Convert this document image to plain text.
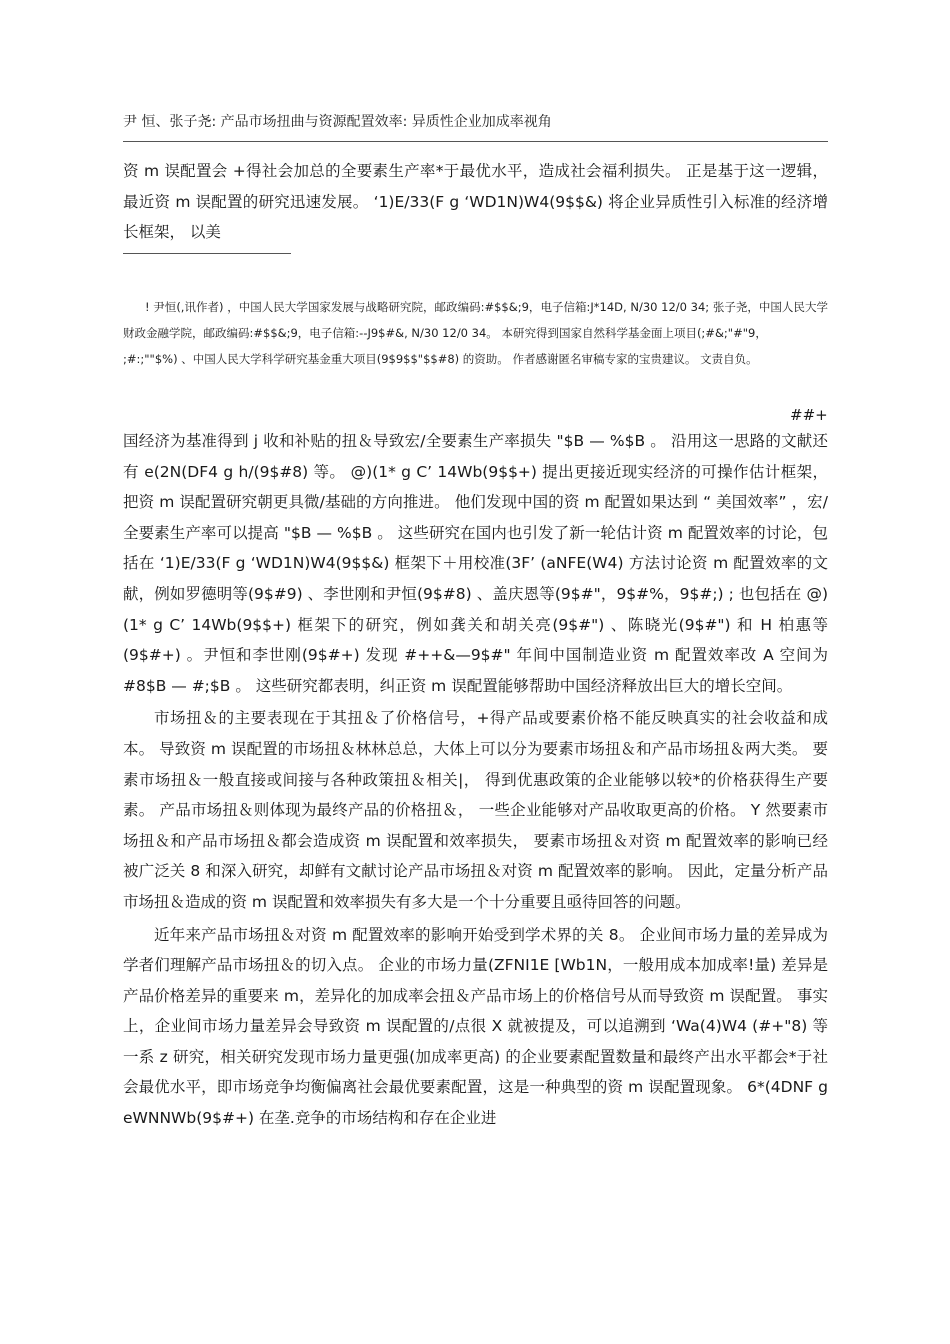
尹 恒、张子尧: 产品市场扭曲与资源配置效率: 异质性企业加成率视角

资 m 误配置会 +得社会加总的全要素生产率*于最优水平，造成社会福利损失。 正是基于这一逻辑，最近资 m 误配置的研究迅速发展。 ‘1)E/33(F g ‘WD1N)W4(9$$&) 将企业异质性引入标准的经济增长框架， 以美

! 尹恒(,讯作者) ，中国人民大学国家发展与战略研究院，邮政编码:#$$&;9，电子信箱:J*14D, N/30 12/0 34; 张子尧，中国人民大学财政金融学院，邮政编码:#$$&;9，电子信箱:--J9$#&, N/30 12/0 34。 本研究得到国家自然科学基金面上项目(;#&;"#"9，
;#:;""$%) 、中国人民大学科学研究基金重大项目(9$9$$"$$#8) 的资助。 作者感谢匿名审稿专家的宝贵建议。 文责自负。
##+

国经济为基准得到 j 收和补贴的扭＆导致宏/全要素生产率损失 "$B — %$B 。 沿用这一思路的文献还有 e(2N(DF4 g h/(9$#8) 等。 @)(1* g C’ 14Wb(9$$+) 提出更接近现实经济的可操作估计框架，把资 m 误配置研究朝更具微/基础的方向推进。 他们发现中国的资 m 配置如果达到 “ 美国效率” ，宏/全要素生产率可以提高 "$B — %$B 。 这些研究在国内也引发了新一轮估计资 m 配置效率的讨论，包括在 ‘1)E/33(F g ‘WD1N)W4(9$$&) 框架下＋用校准(3F’ (aNFE(W4) 方法讨论资 m 配置效率的文献，例如罗德明等(9$#9) 、李世刚和尹恒(9$#8) 、盖庆恩等(9$#"，9$#%，9$#;) ; 也包括在 @)(1* g C’ 14Wb(9$$+) 框架下的研究，例如龚关和胡关亮(9$#") 、陈晓光(9$#") 和 H 柏惠等(9$#+) 。尹恒和李世刚(9$#+) 发现 #++&—9$#" 年间中国制造业资 m 配置效率改 A 空间为 #8$B — #;$B 。 这些研究都表明，纠正资 m 误配置能够帮助中国经济释放出巨大的增长空间。

市场扭＆的主要表现在于其扭＆了价格信号，+得产品或要素价格不能反映真实的社会收益和成本。 导致资 m 误配置的市场扭＆林林总总，大体上可以分为要素市场扭＆和产品市场扭＆两大类。 要素市场扭＆一般直接或间接与各种政策扭＆相关|， 得到优惠政策的企业能够以较*的价格获得生产要素。 产品市场扭＆则体现为最终产品的价格扭＆， 一些企业能够对产品收取更高的价格。 Y 然要素市场扭＆和产品市场扭＆都会造成资 m 误配置和效率损失， 要素市场扭＆对资 m 配置效率的影响已经被广泛关 8 和深入研究，却鲜有文献讨论产品市场扭＆对资 m 配置效率的影响。 因此，定量分析产品市场扭＆造成的资 m 误配置和效率损失有多大是一个十分重要且亟待回答的问题。

近年来产品市场扭＆对资 m 配置效率的影响开始受到学术界的关 8。 企业间市场力量的差异成为学者们理解产品市场扭＆的切入点。 企业的市场力量(ZFNI1E [Wb1N，一般用成本加成率!量) 差异是产品价格差异的重要来 m，差异化的加成率会扭＆产品市场上的价格信号从而导致资 m 误配置。 事实上，企业间市场力量差异会导致资 m 误配置的/点很 X 就被提及，可以追溯到 ‘Wa(4)W4 (#+"8) 等一系 z 研究，相关研究发现市场力量更强(加成率更高) 的企业要素配置数量和最终产出水平都会*于社会最优水平，即市场竞争均衡偏离社会最优要素配置，这是一种典型的资 m 误配置现象。 6*(4DNF g eWNNWb(9$#+) 在垄.竞争的市场结构和存在企业进
